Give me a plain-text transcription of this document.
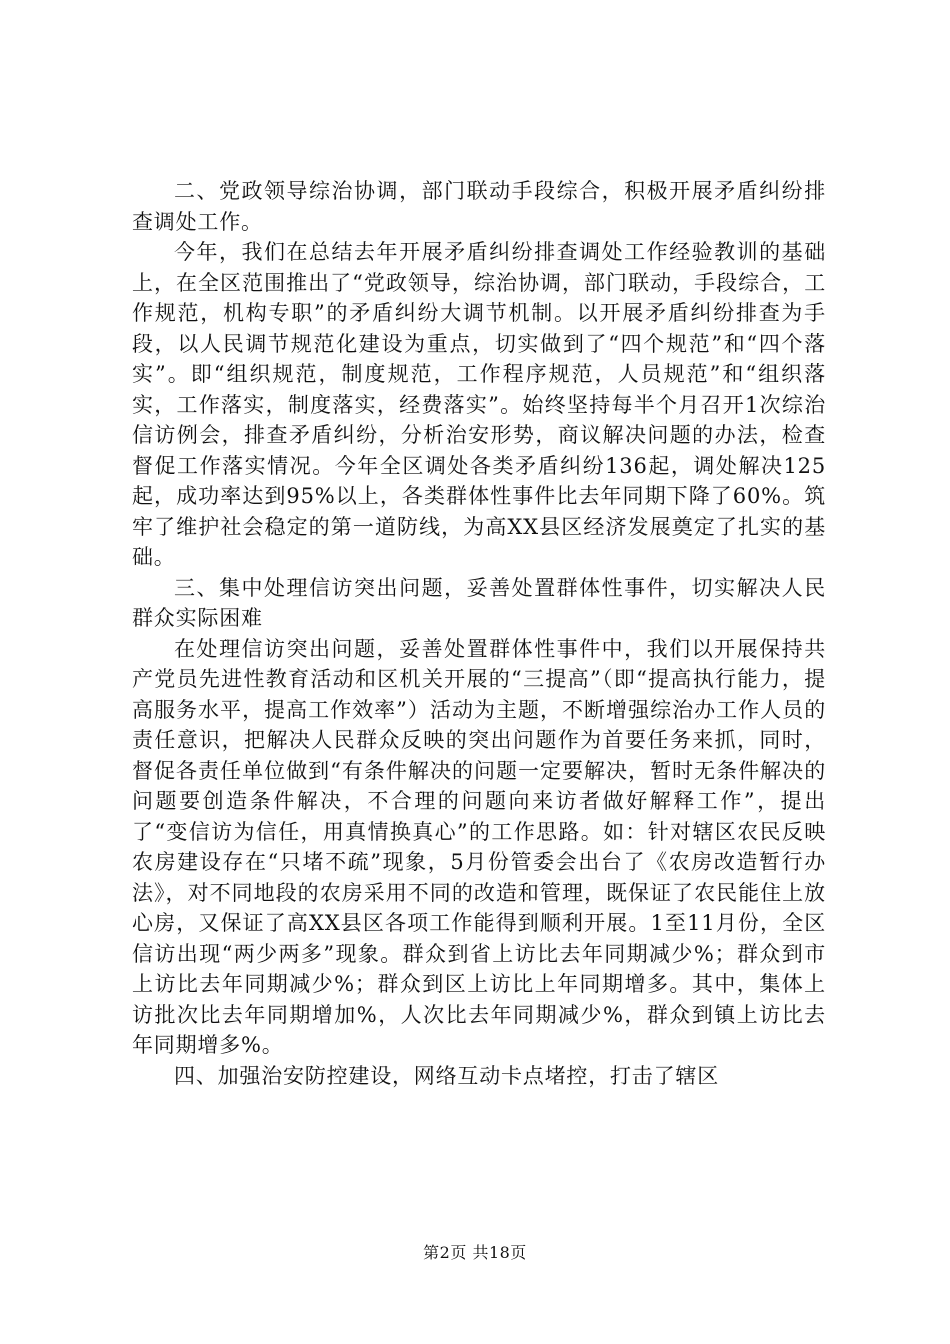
二、党政领导综治协调，部门联动手段综合，积极开展矛盾纠纷排查调处工作。

今年，我们在总结去年开展矛盾纠纷排查调处工作经验教训的基础上，在全区范围推出了“党政领导，综治协调，部门联动，手段综合，工作规范，机构专职”的矛盾纠纷大调节机制。以开展矛盾纠纷排查为手段，以人民调节规范化建设为重点，切实做到了“四个规范”和“四个落实”。即“组织规范，制度规范，工作程序规范，人员规范”和“组织落实，工作落实，制度落实，经费落实”。始终坚持每半个月召开1次综治信访例会，排查矛盾纠纷，分析治安形势，商议解决问题的办法，检查督促工作落实情况。今年全区调处各类矛盾纠纷136起，调处解决125起，成功率达到95%以上，各类群体性事件比去年同期下降了60%。筑牢了维护社会稳定的第一道防线，为高XX县区经济发展奠定了扎实的基础。

三、集中处理信访突出问题，妥善处置群体性事件，切实解决人民群众实际困难

在处理信访突出问题，妥善处置群体性事件中，我们以开展保持共产党员先进性教育活动和区机关开展的“三提高”（即“提高执行能力，提高服务水平，提高工作效率”）活动为主题，不断增强综治办工作人员的责任意识，把解决人民群众反映的突出问题作为首要任务来抓，同时，督促各责任单位做到“有条件解决的问题一定要解决，暂时无条件解决的问题要创造条件解决，不合理的问题向来访者做好解释工作”，提出了“变信访为信任，用真情换真心”的工作思路。如：针对辖区农民反映农房建设存在“只堵不疏”现象，5月份管委会出台了《农房改造暂行办法》，对不同地段的农房采用不同的改造和管理，既保证了农民能住上放心房，又保证了高XX县区各项工作能得到顺利开展。1至11月份，全区信访出现“两少两多”现象。群众到省上访比去年同期减少%；群众到市上访比去年同期减少%；群众到区上访比上年同期增多。其中，集体上访批次比去年同期增加%，人次比去年同期减少%，群众到镇上访比去年同期增多%。

四、加强治安防控建设，网络互动卡点堵控，打击了辖区

第2页 共18页
